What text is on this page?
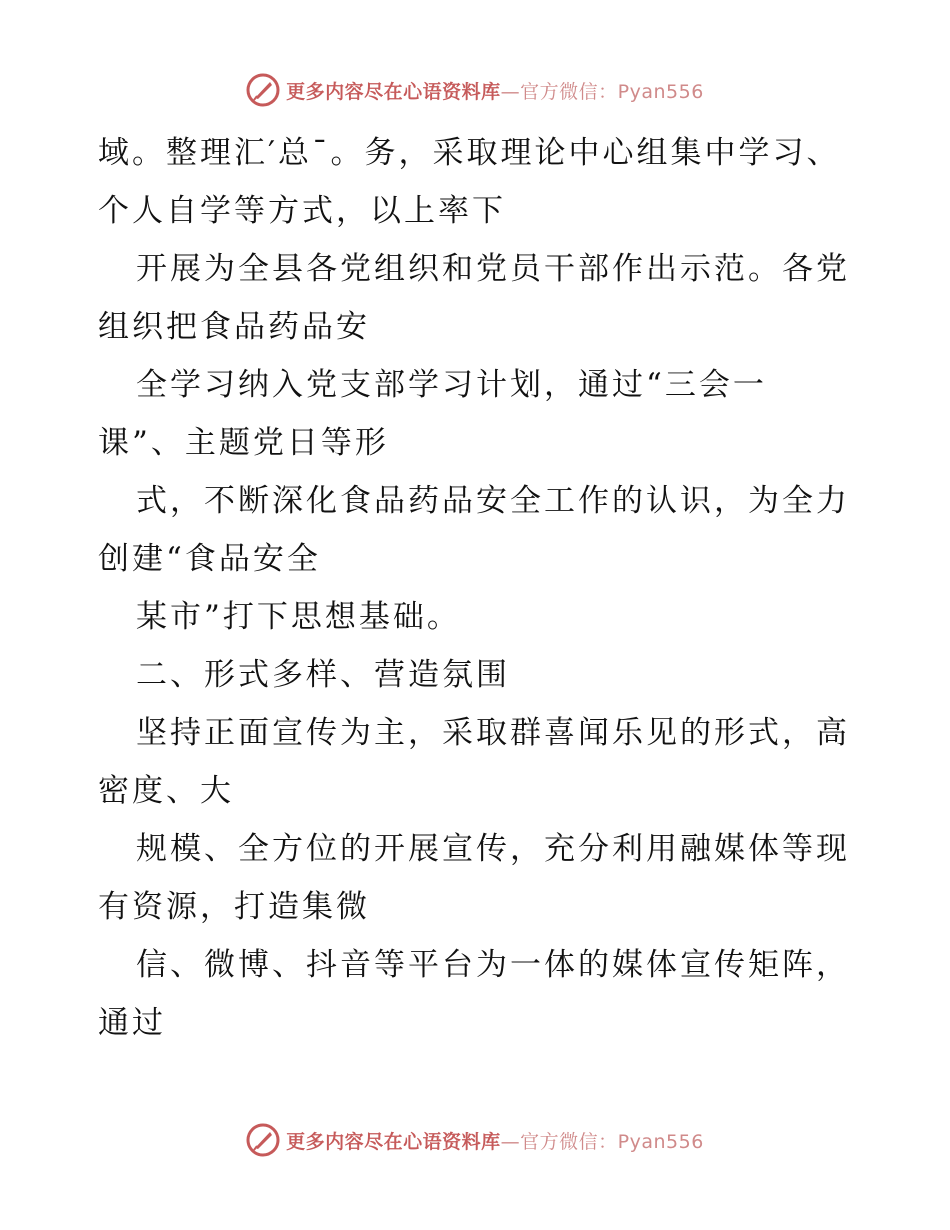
更多内容尽在心语资料库—官方微信：Pyan556
域。整理汇′总¯。务，采取理论中心组集中学习、
个人自学等方式，以上率下
开展为全县各党组织和党员干部作出示范。各党
组织把食品药品安
全学习纳入党支部学习计划，通过“三会一
课”、主题党日等形
式，不断深化食品药品安全工作的认识，为全力
创建“食品安全
某市”打下思想基础。
二、形式多样、营造氛围
坚持正面宣传为主，采取群喜闻乐见的形式，高
密度、大
规模、全方位的开展宣传，充分利用融媒体等现
有资源，打造集微
信、微博、抖音等平台为一体的媒体宣传矩阵，
通过
更多内容尽在心语资料库—官方微信：Pyan556
